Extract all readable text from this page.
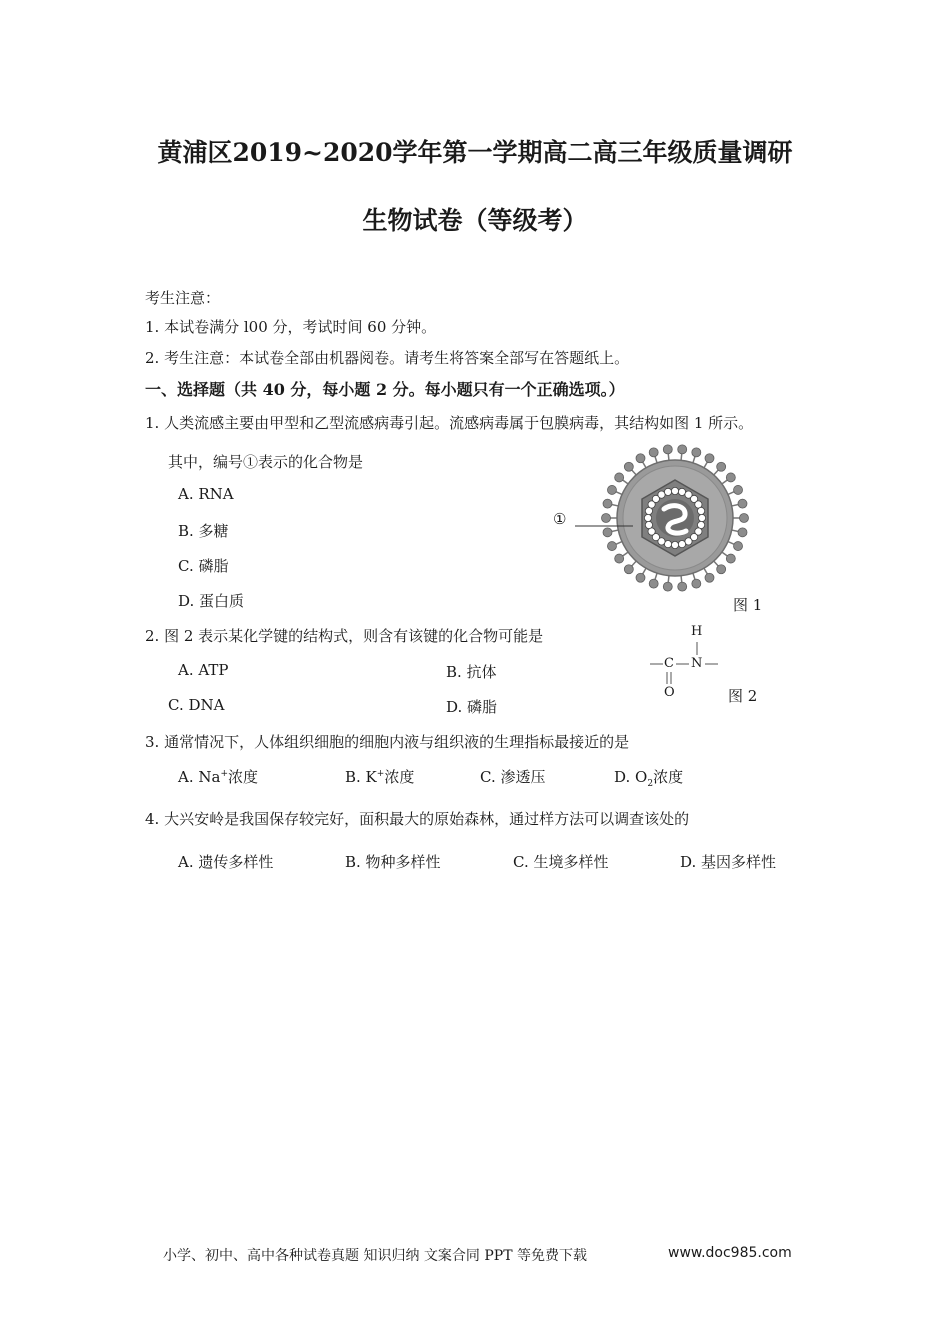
黄浦区2019~2020学年第一学期高二高三年级质量调研
生物试卷（等级考）
考生注意：
1. 本试卷满分 l00 分，考试时间 60 分钟。
2. 考生注意：本试卷全部由机器阅卷。请考生将答案全部写在答题纸上。
一、选择题（共 40 分，每小题 2 分。每小题只有一个正确选项。）
1. 人类流感主要由甲型和乙型流感病毒引起。流感病毒属于包膜病毒，其结构如图 1 所示。
其中，编号①表示的化合物是
A. RNA
B. 多糖
C. 磷脂
D. 蛋白质
①
图 1
2. 图 2 表示某化学键的结构式，则含有该键的化合物可能是
A. ATP	B. 抗体
C. DNA	D. 磷脂
H
C N
O	图 2
3. 通常情况下，人体组织细胞的细胞内液与组织液的生理指标最接近的是
A. Na+浓度	B. K+浓度	C. 渗透压	D. $O_2$浓度
4. 大兴安岭是我国保存较完好，面积最大的原始森林，通过样方法可以调查该处的
A. 遗传多样性	B. 物种多样性	C. 生境多样性	D. 基因多样性
小学、初中、高中各种试卷真题 知识归纳 文案合同 PPT 等免费下载	www.doc985.com
